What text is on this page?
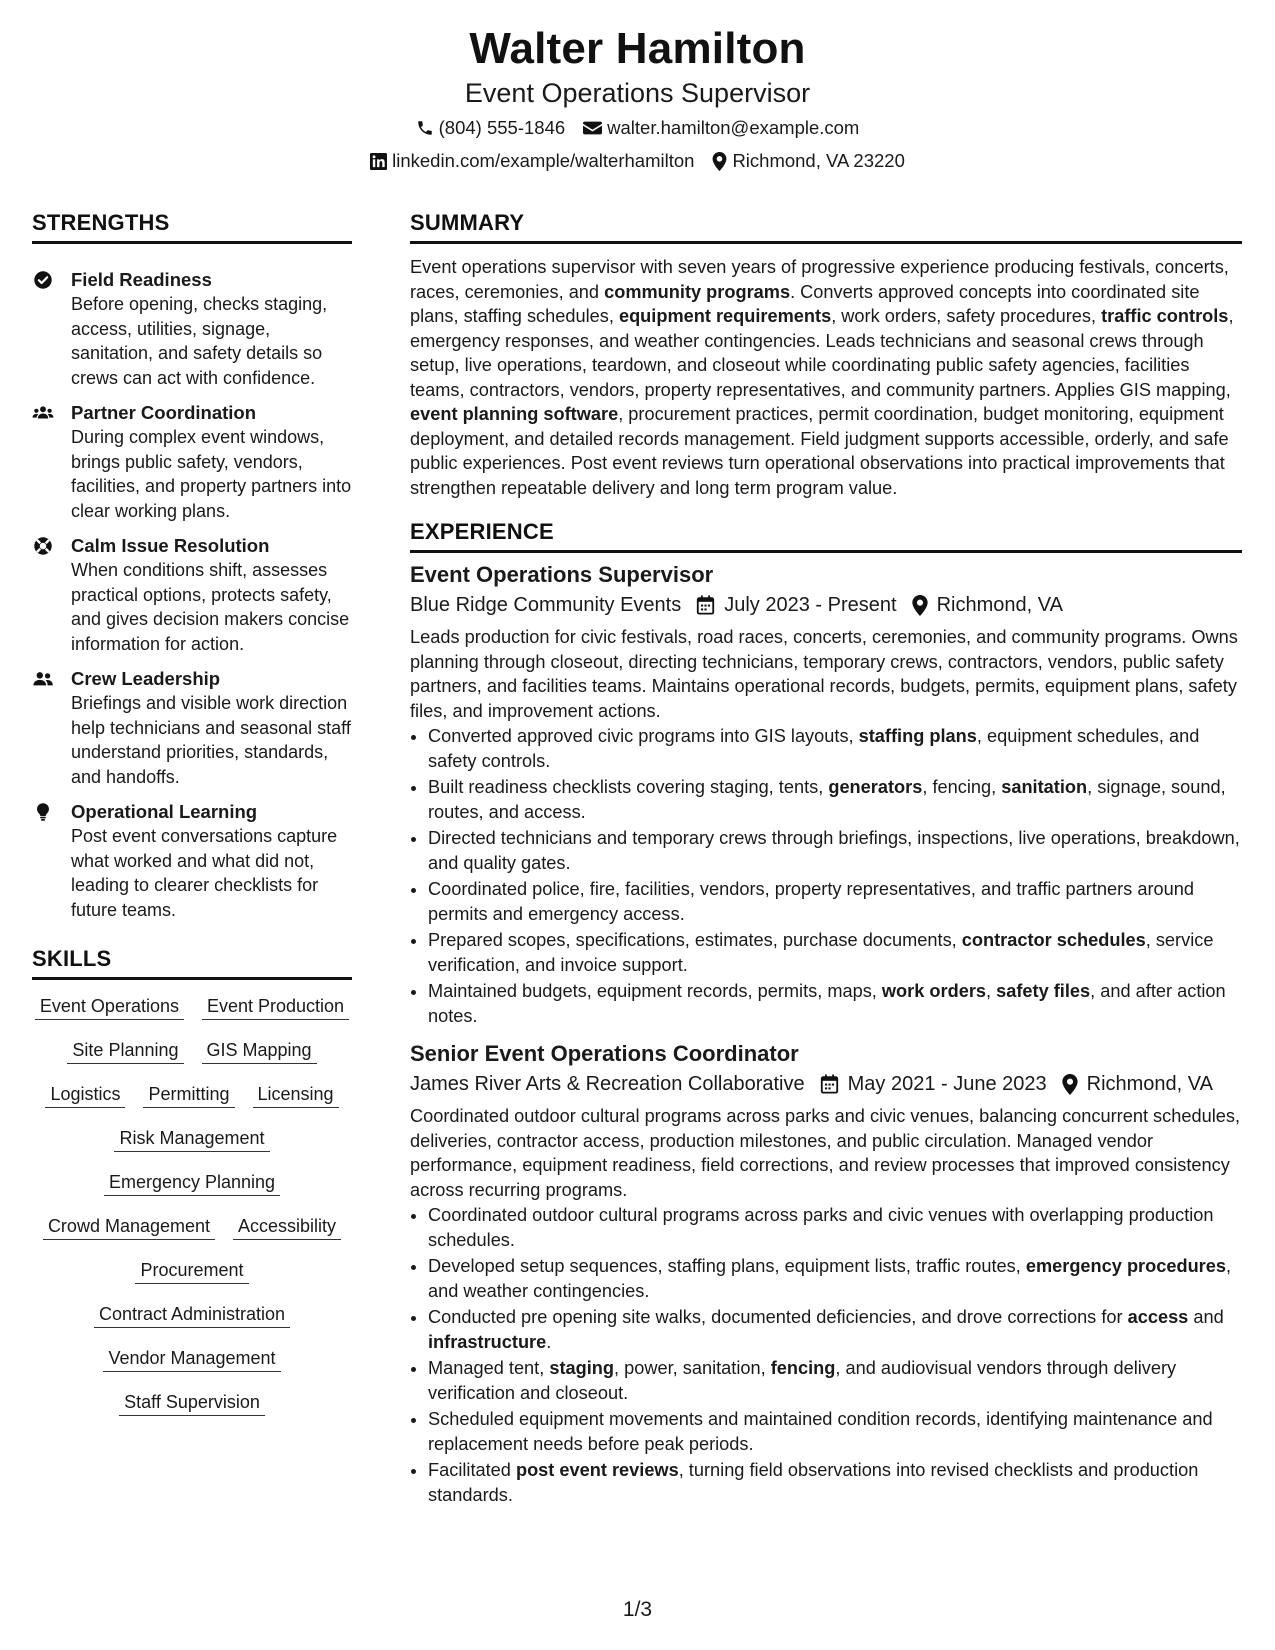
Walter Hamilton
Event Operations Supervisor
(804) 555-1846 walter.hamilton@example.com
linkedin.com/example/walterhamilton Richmond, VA 23220
STRENGTHS
Field Readiness
Before opening, checks staging, access, utilities, signage, sanitation, and safety details so crews can act with confidence.
Partner Coordination
During complex event windows, brings public safety, vendors, facilities, and property partners into clear working plans.
Calm Issue Resolution
When conditions shift, assesses practical options, protects safety, and gives decision makers concise information for action.
Crew Leadership
Briefings and visible work direction help technicians and seasonal staff understand priorities, standards, and handoffs.
Operational Learning
Post event conversations capture what worked and what did not, leading to clearer checklists for future teams.
SKILLS
Event Operations Event Production
Site Planning GIS Mapping
Logistics Permitting Licensing
Risk Management
Emergency Planning
Crowd Management Accessibility
Procurement
Contract Administration
Vendor Management
Staff Supervision
SUMMARY
Event operations supervisor with seven years of progressive experience producing festivals, concerts, races, ceremonies, and community programs. Converts approved concepts into coordinated site plans, staffing schedules, equipment requirements, work orders, safety procedures, traffic controls, emergency responses, and weather contingencies. Leads technicians and seasonal crews through setup, live operations, teardown, and closeout while coordinating public safety agencies, facilities teams, contractors, vendors, property representatives, and community partners. Applies GIS mapping, event planning software, procurement practices, permit coordination, budget monitoring, equipment deployment, and detailed records management. Field judgment supports accessible, orderly, and safe public experiences. Post event reviews turn operational observations into practical improvements that strengthen repeatable delivery and long term program value.
EXPERIENCE
Event Operations Supervisor
Blue Ridge Community Events July 2023 - Present Richmond, VA
Leads production for civic festivals, road races, concerts, ceremonies, and community programs. Owns planning through closeout, directing technicians, temporary crews, contractors, vendors, public safety partners, and facilities teams. Maintains operational records, budgets, permits, equipment plans, safety files, and improvement actions.
• Converted approved civic programs into GIS layouts, staffing plans, equipment schedules, and safety controls.
• Built readiness checklists covering staging, tents, generators, fencing, sanitation, signage, sound, routes, and access.
• Directed technicians and temporary crews through briefings, inspections, live operations, breakdown, and quality gates.
• Coordinated police, fire, facilities, vendors, property representatives, and traffic partners around permits and emergency access.
• Prepared scopes, specifications, estimates, purchase documents, contractor schedules, service verification, and invoice support.
• Maintained budgets, equipment records, permits, maps, work orders, safety files, and after action notes.
Senior Event Operations Coordinator
James River Arts & Recreation Collaborative May 2021 - June 2023 Richmond, VA
Coordinated outdoor cultural programs across parks and civic venues, balancing concurrent schedules, deliveries, contractor access, production milestones, and public circulation. Managed vendor performance, equipment readiness, field corrections, and review processes that improved consistency across recurring programs.
• Coordinated outdoor cultural programs across parks and civic venues with overlapping production schedules.
• Developed setup sequences, staffing plans, equipment lists, traffic routes, emergency procedures, and weather contingencies.
• Conducted pre opening site walks, documented deficiencies, and drove corrections for access and infrastructure.
• Managed tent, staging, power, sanitation, fencing, and audiovisual vendors through delivery verification and closeout.
• Scheduled equipment movements and maintained condition records, identifying maintenance and replacement needs before peak periods.
• Facilitated post event reviews, turning field observations into revised checklists and production standards.
1/3
